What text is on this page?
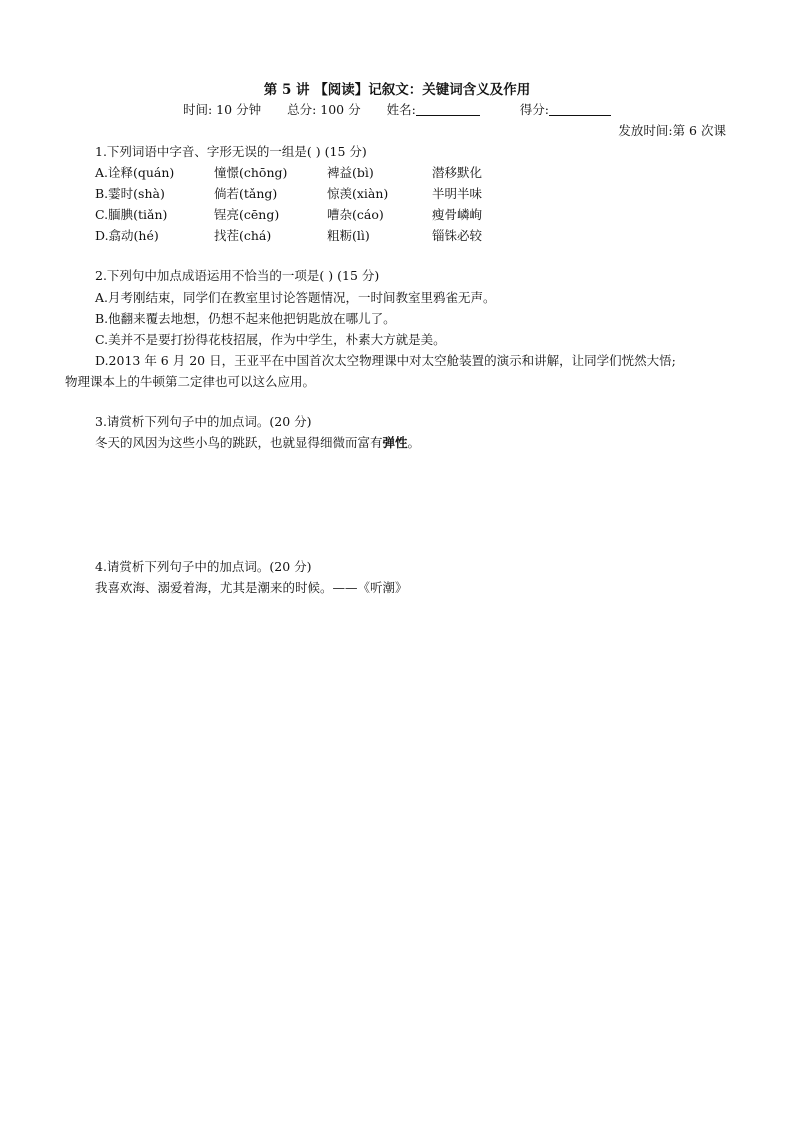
第 5 讲 【阅读】记叙文：关键词含义及作用
时间: 10 分钟 总分: 100 分 姓名:	得分:
发放时间:第 6 次课
1.下列词语中字音、字形无误的一组是( ) (15 分)
A.诠释(quán)	憧憬(chōng)	裨益(bì)	潜移默化
B.霎时(shà)	倘若(tǎng)	惊羡(xiàn)	半明半味
C.腼腆(tiǎn)	锃亮(cēng)	嘈杂(cáo)	瘦骨嶙峋
D.翕动(hé)	找茬(chá)	粗粝(lì)	锱铢必较
2.下列句中加点成语运用不恰当的一项是( ) (15 分)
A.月考刚结束，同学们在教室里讨论答题情况，一时间教室里鸦雀无声。
B.他翻来覆去地想，仍想不起来他把钥匙放在哪儿了。
C.美并不是要打扮得花枝招展，作为中学生，朴素大方就是美。
D.2013 年 6 月 20 日，王亚平在中国首次太空物理课中对太空舱装置的演示和讲解，让同学们恍然大悟;
物理课本上的牛顿第二定律也可以这么应用。
3.请赏析下列句子中的加点词。(20 分)
冬天的风因为这些小鸟的跳跃，也就显得细微而富有弹性。
4.请赏析下列句子中的加点词。(20 分)
我喜欢海、溺爱着海，尤其是潮来的时候。——《听潮》
